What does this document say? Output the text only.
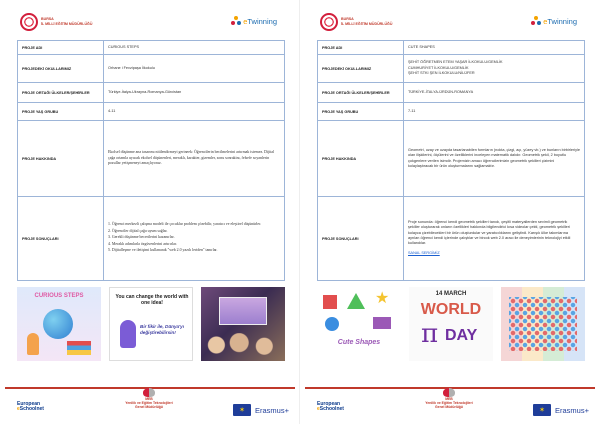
BURSA
İL MİLLİ EĞİTİM MÜDÜRLÜĞÜ	eTwinning
PROJE ADI	CURIOUS STEPS
PROJEDEKİ OKULLARIMIZ	Orhane i Fevzipaşa İlkokulu
PROJE ORTAĞI ÜLKELER/ŞEHİRLER	Türkiye-İtalya-Ukrayna-Romanya-Gürcistan
PROJE YAŞ GRUBU	4-11
PROJE HAKKINDA	Ekolsel düşünme ana tasarımı nitilendirmeyi gerineek: Öğrencilerin becilmelerini artırmak istemez. Dijital çağa ortamla uyacak ekolsel düşünenleri, meraklı, karakter, gizemler, sonu sonrakinı, felsefe soyanlerin pozullar yetişmeneyi amaçlıyoruz.
PROJE SONUÇLARI	1. Öğrenci merkezli çalışma modeli ile çocuklar problem çözebilir, yaratıcı ve eleştirel düşünürler.

2. Öğrenciler dijital çağa uyum sağlar.

3. Gerekli düşünme becerilerini kazanırlar.

4. Meraklı adımlarla özgüvenlerini artırırlar.

5. Dijitalleşme ve iletişimi kullanarak "web 2.0 yazılı leriden" tanırlar.

CURIOUS STEPS	You can change the world with one idea!
Bir fikir ile, Dünya'yı değiştirebilirsin!
European
eSchoolnet
MEB
Yenilik ve Eğitim Teknolojileri
Genel Müdürlüğü	✶ Erasmus+
BURSA
İL MİLLİ EĞİTİM MÜDÜRLÜĞÜ	eTwinning
PROJE ADI	CUTE SHAPES
PROJEDEKİ OKULLARIMIZ	ŞEHİT ÖĞRETMEN ETEM YAŞAR İLKOKULU/GEMLİK
CUMHURİYET İLKOKULU/GEMLİK
ŞEHİT STKI ŞEN İLKOKULU/NİLÜFER

PROJE ORTAĞI ÜLKELER/ŞEHİRLER	TÜRKİYE-İTALYA-ÜRDÜN-ROMANYA
PROJE YAŞ GRUBU	7-11
PROJE HAKKINDA	Geometri, uzay ve uzayda tasarlanabilen formların (nokta, çizgi, açı, yüzey vb.) ve bunların birbirleriyle olan ilişkilerini, ölçülerini ve özelliklerini inceleyen matematik dalıdır. Geometrik şekil, 2 boyutlu çokgenlere verilen isimdir. Projemizin amacı öğrencilerimizin geometrik şekilleri çizimini kolaylaştıracak bir ürün oluşturmalarını sağlamaktır.
PROJE SONUÇLARI	Proje sonunda: öğrenci kendi geometrik şekilleri tanıdı, çeşitli materyallerden sevimli geometrik şekiller oluşturarak onların özellikleri hakkında bilgilendirici kısa videolar çekti, geometrik şekilleri kolayca çizebilecekleri bir ürün oluşturdular ve yaratıcılıklarını geliştirdi. Karışık ülke takımlarına ayrılan öğrenci kendi içlerinde çalıştılar ve bircok web 2.0 aracı ile deneyimlerinin teknolojiyi etkili kullandılar.

SANAL SERGİMİZ

★
Cute Shapes
14 MARCH
WORLD
π DAY
European
eSchoolnet
MEB
Yenilik ve Eğitim Teknolojileri
Genel Müdürlüğü	✶ Erasmus+
